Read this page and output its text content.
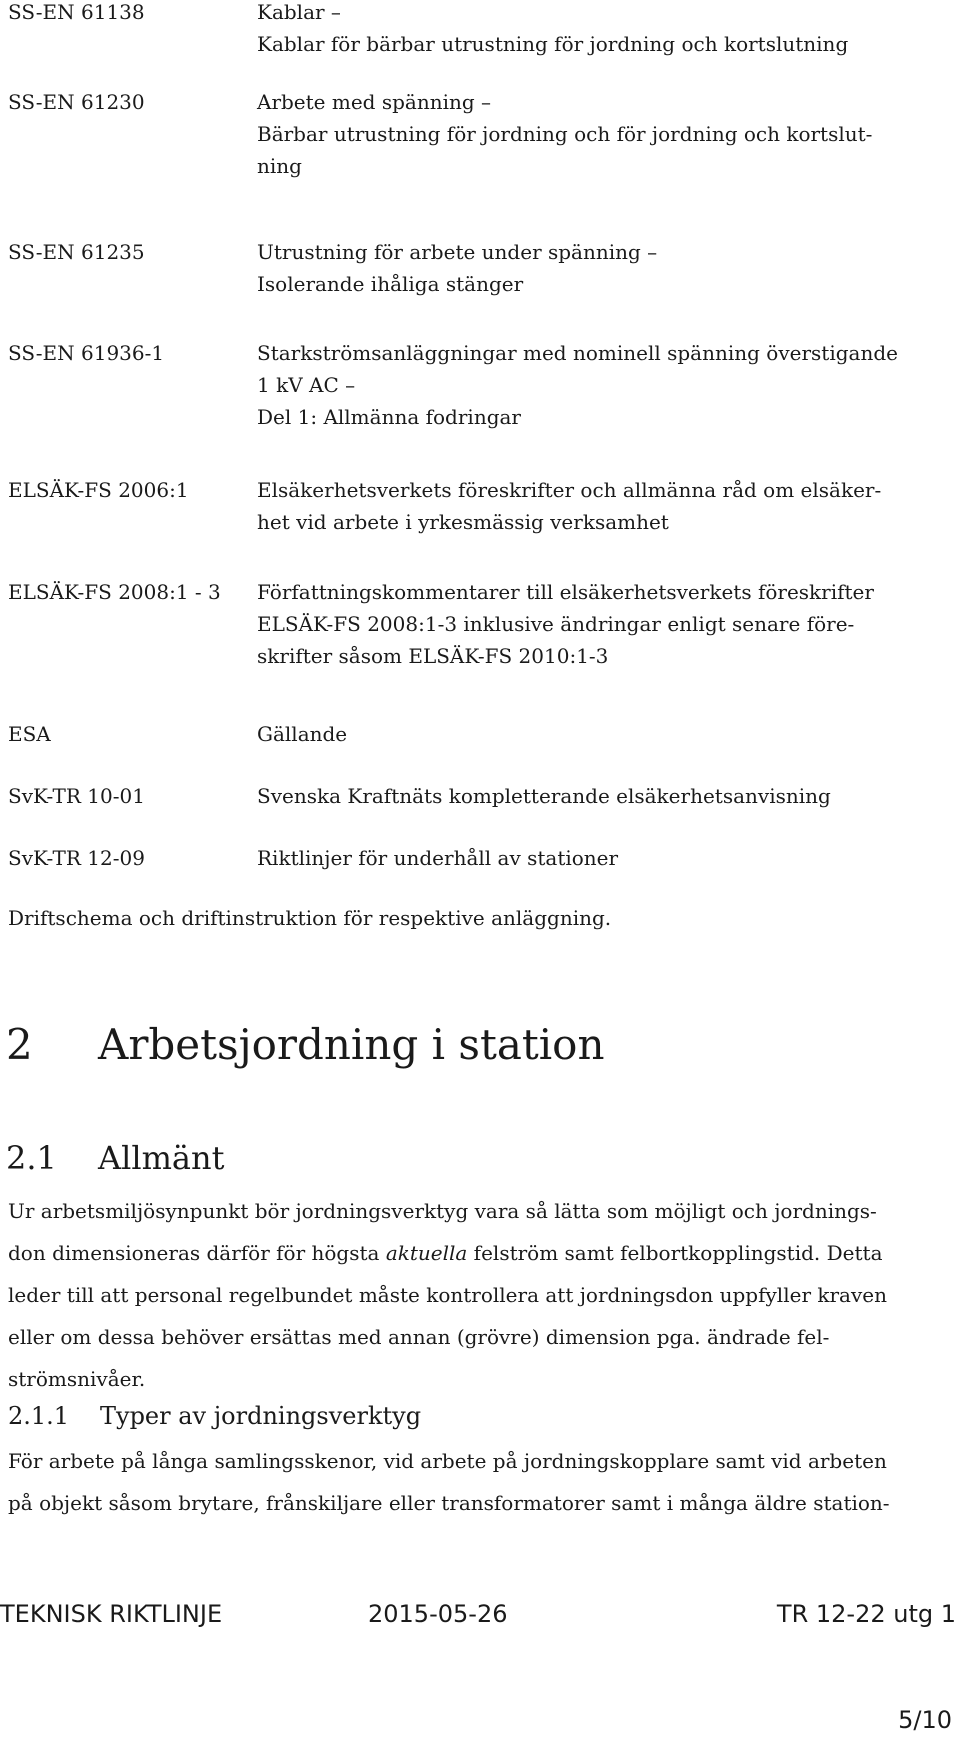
SS-EN 61138	Kablar –
Kablar för bärbar utrustning för jordning och kortslutning
SS-EN 61230	Arbete med spänning –
Bärbar utrustning för jordning och för jordning och kortslut-
ning
SS-EN 61235	Utrustning för arbete under spänning –
Isolerande ihåliga stänger
SS-EN 61936-1	Starkströmsanläggningar med nominell spänning överstigande
1 kV AC –
Del 1: Allmänna fodringar
ELSÄK-FS 2006:1	Elsäkerhetsverkets föreskrifter och allmänna råd om elsäker-
het vid arbete i yrkesmässig verksamhet
ELSÄK-FS 2008:1 - 3	Författningskommentarer till elsäkerhetsverkets föreskrifter
ELSÄK-FS 2008:1-3 inklusive ändringar enligt senare före-
skrifter såsom ELSÄK-FS 2010:1-3
ESA	Gällande
SvK-TR 10-01	Svenska Kraftnäts kompletterande elsäkerhetsanvisning
SvK-TR 12-09	Riktlinjer för underhåll av stationer
Driftschema och driftinstruktion för respektive anläggning.
2 Arbetsjordning i station
2.1 Allmänt
Ur arbetsmiljösynpunkt bör jordningsverktyg vara så lätta som möjligt och jordnings-
don dimensioneras därför för högsta aktuella felström samt felbortkopplingstid. Detta
leder till att personal regelbundet måste kontrollera att jordningsdon uppfyller kraven
eller om dessa behöver ersättas med annan (grövre) dimension pga. ändrade fel-
strömsnivåer.
2.1.1 Typer av jordningsverktyg
För arbete på långa samlingsskenor, vid arbete på jordningskopplare samt vid arbeten
på objekt såsom brytare, frånskiljare eller transformatorer samt i många äldre station-
TEKNISK RIKTLINJE	2015-05-26	TR 12-22 utg 1
5/10
